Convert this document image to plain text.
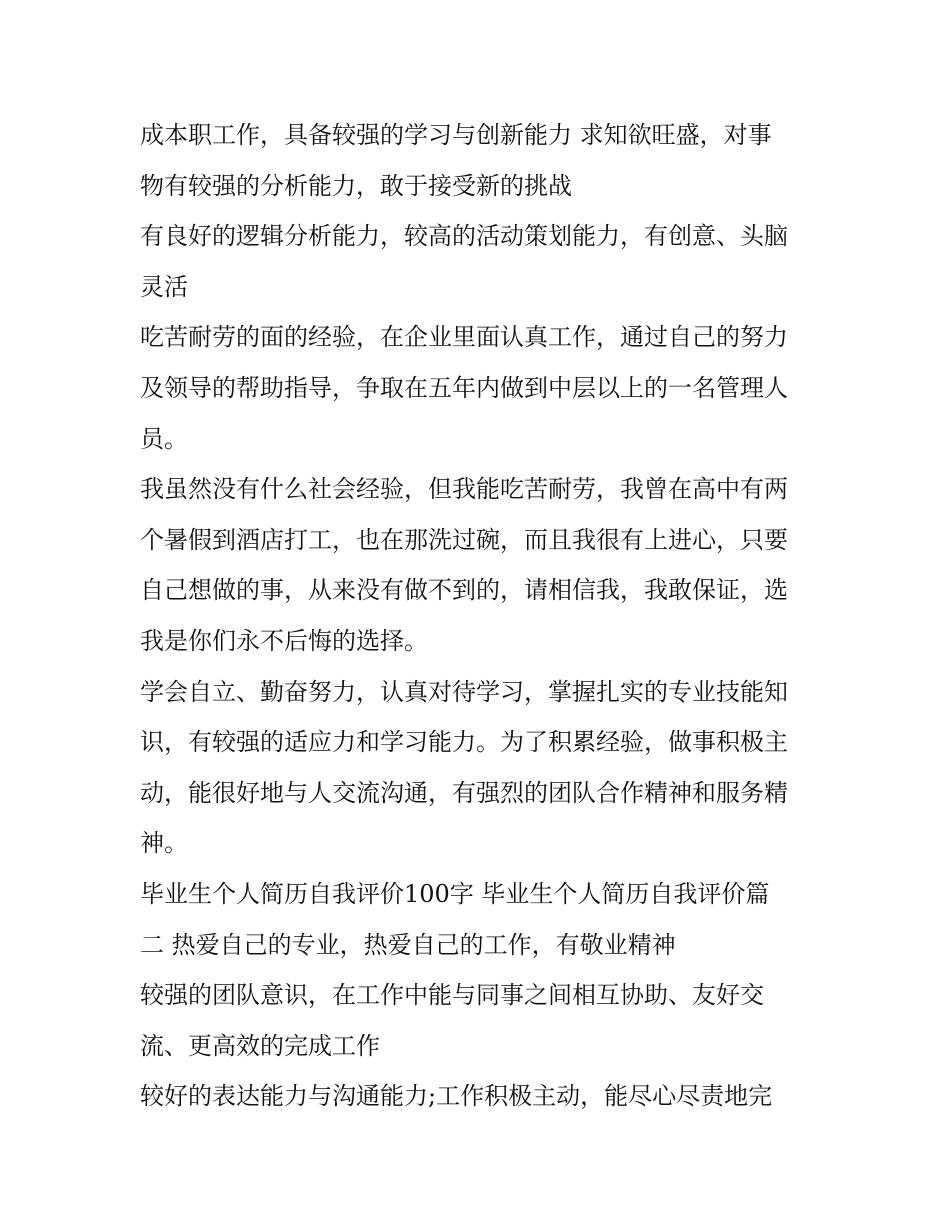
成本职工作，具备较强的学习与创新能力 求知欲旺盛，对事
物有较强的分析能力，敢于接受新的挑战
有良好的逻辑分析能力，较高的活动策划能力，有创意、头脑
灵活
吃苦耐劳的面的经验，在企业里面认真工作，通过自己的努力
及领导的帮助指导，争取在五年内做到中层以上的一名管理人
员。
我虽然没有什么社会经验，但我能吃苦耐劳，我曾在高中有两
个暑假到酒店打工，也在那洗过碗，而且我很有上进心，只要
自己想做的事，从来没有做不到的，请相信我，我敢保证，选
我是你们永不后悔的选择。
学会自立、勤奋努力，认真对待学习，掌握扎实的专业技能知
识，有较强的适应力和学习能力。为了积累经验，做事积极主
动，能很好地与人交流沟通，有强烈的团队合作精神和服务精
神。
毕业生个人简历自我评价100字 毕业生个人简历自我评价篇
二 热爱自己的专业，热爱自己的工作，有敬业精神
较强的团队意识，在工作中能与同事之间相互协助、友好交
流、更高效的完成工作
较好的表达能力与沟通能力;工作积极主动，能尽心尽责地完
